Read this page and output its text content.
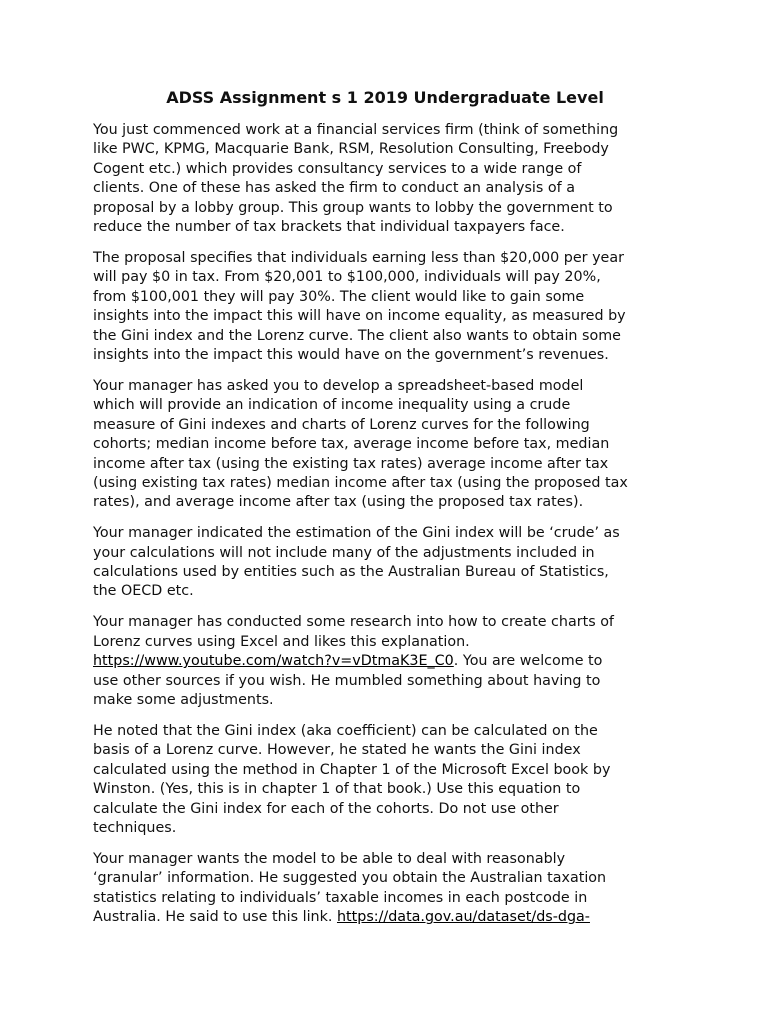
ADSS Assignment s 1 2019 Undergraduate Level

You just commenced work at a financial services firm (think of something
like PWC, KPMG, Macquarie Bank, RSM, Resolution Consulting, Freebody
Cogent etc.) which provides consultancy services to a wide range of
clients. One of these has asked the firm to conduct an analysis of a
proposal by a lobby group. This group wants to lobby the government to
reduce the number of tax brackets that individual taxpayers face.

The proposal specifies that individuals earning less than $20,000 per year
will pay $0 in tax. From $20,001 to $100,000, individuals will pay 20%,
from $100,001 they will pay 30%. The client would like to gain some
insights into the impact this will have on income equality, as measured by
the Gini index and the Lorenz curve. The client also wants to obtain some
insights into the impact this would have on the government’s revenues.

Your manager has asked you to develop a spreadsheet-based model
which will provide an indication of income inequality using a crude
measure of Gini indexes and charts of Lorenz curves for the following
cohorts; median income before tax, average income before tax, median
income after tax (using the existing tax rates) average income after tax
(using existing tax rates) median income after tax (using the proposed tax
rates), and average income after tax (using the proposed tax rates).

Your manager indicated the estimation of the Gini index will be ‘crude’ as
your calculations will not include many of the adjustments included in
calculations used by entities such as the Australian Bureau of Statistics,
the OECD etc.

Your manager has conducted some research into how to create charts of
Lorenz curves using Excel and likes this explanation.
https://www.youtube.com/watch?v=vDtmaK3E_C0. You are welcome to
use other sources if you wish. He mumbled something about having to
make some adjustments.

He noted that the Gini index (aka coefficient) can be calculated on the
basis of a Lorenz curve. However, he stated he wants the Gini index
calculated using the method in Chapter 1 of the Microsoft Excel book by
Winston. (Yes, this is in chapter 1 of that book.) Use this equation to
calculate the Gini index for each of the cohorts. Do not use other
techniques.

Your manager wants the model to be able to deal with reasonably
‘granular’ information. He suggested you obtain the Australian taxation
statistics relating to individuals’ taxable incomes in each postcode in
Australia. He said to use this link. https://data.gov.au/dataset/ds-dga-
